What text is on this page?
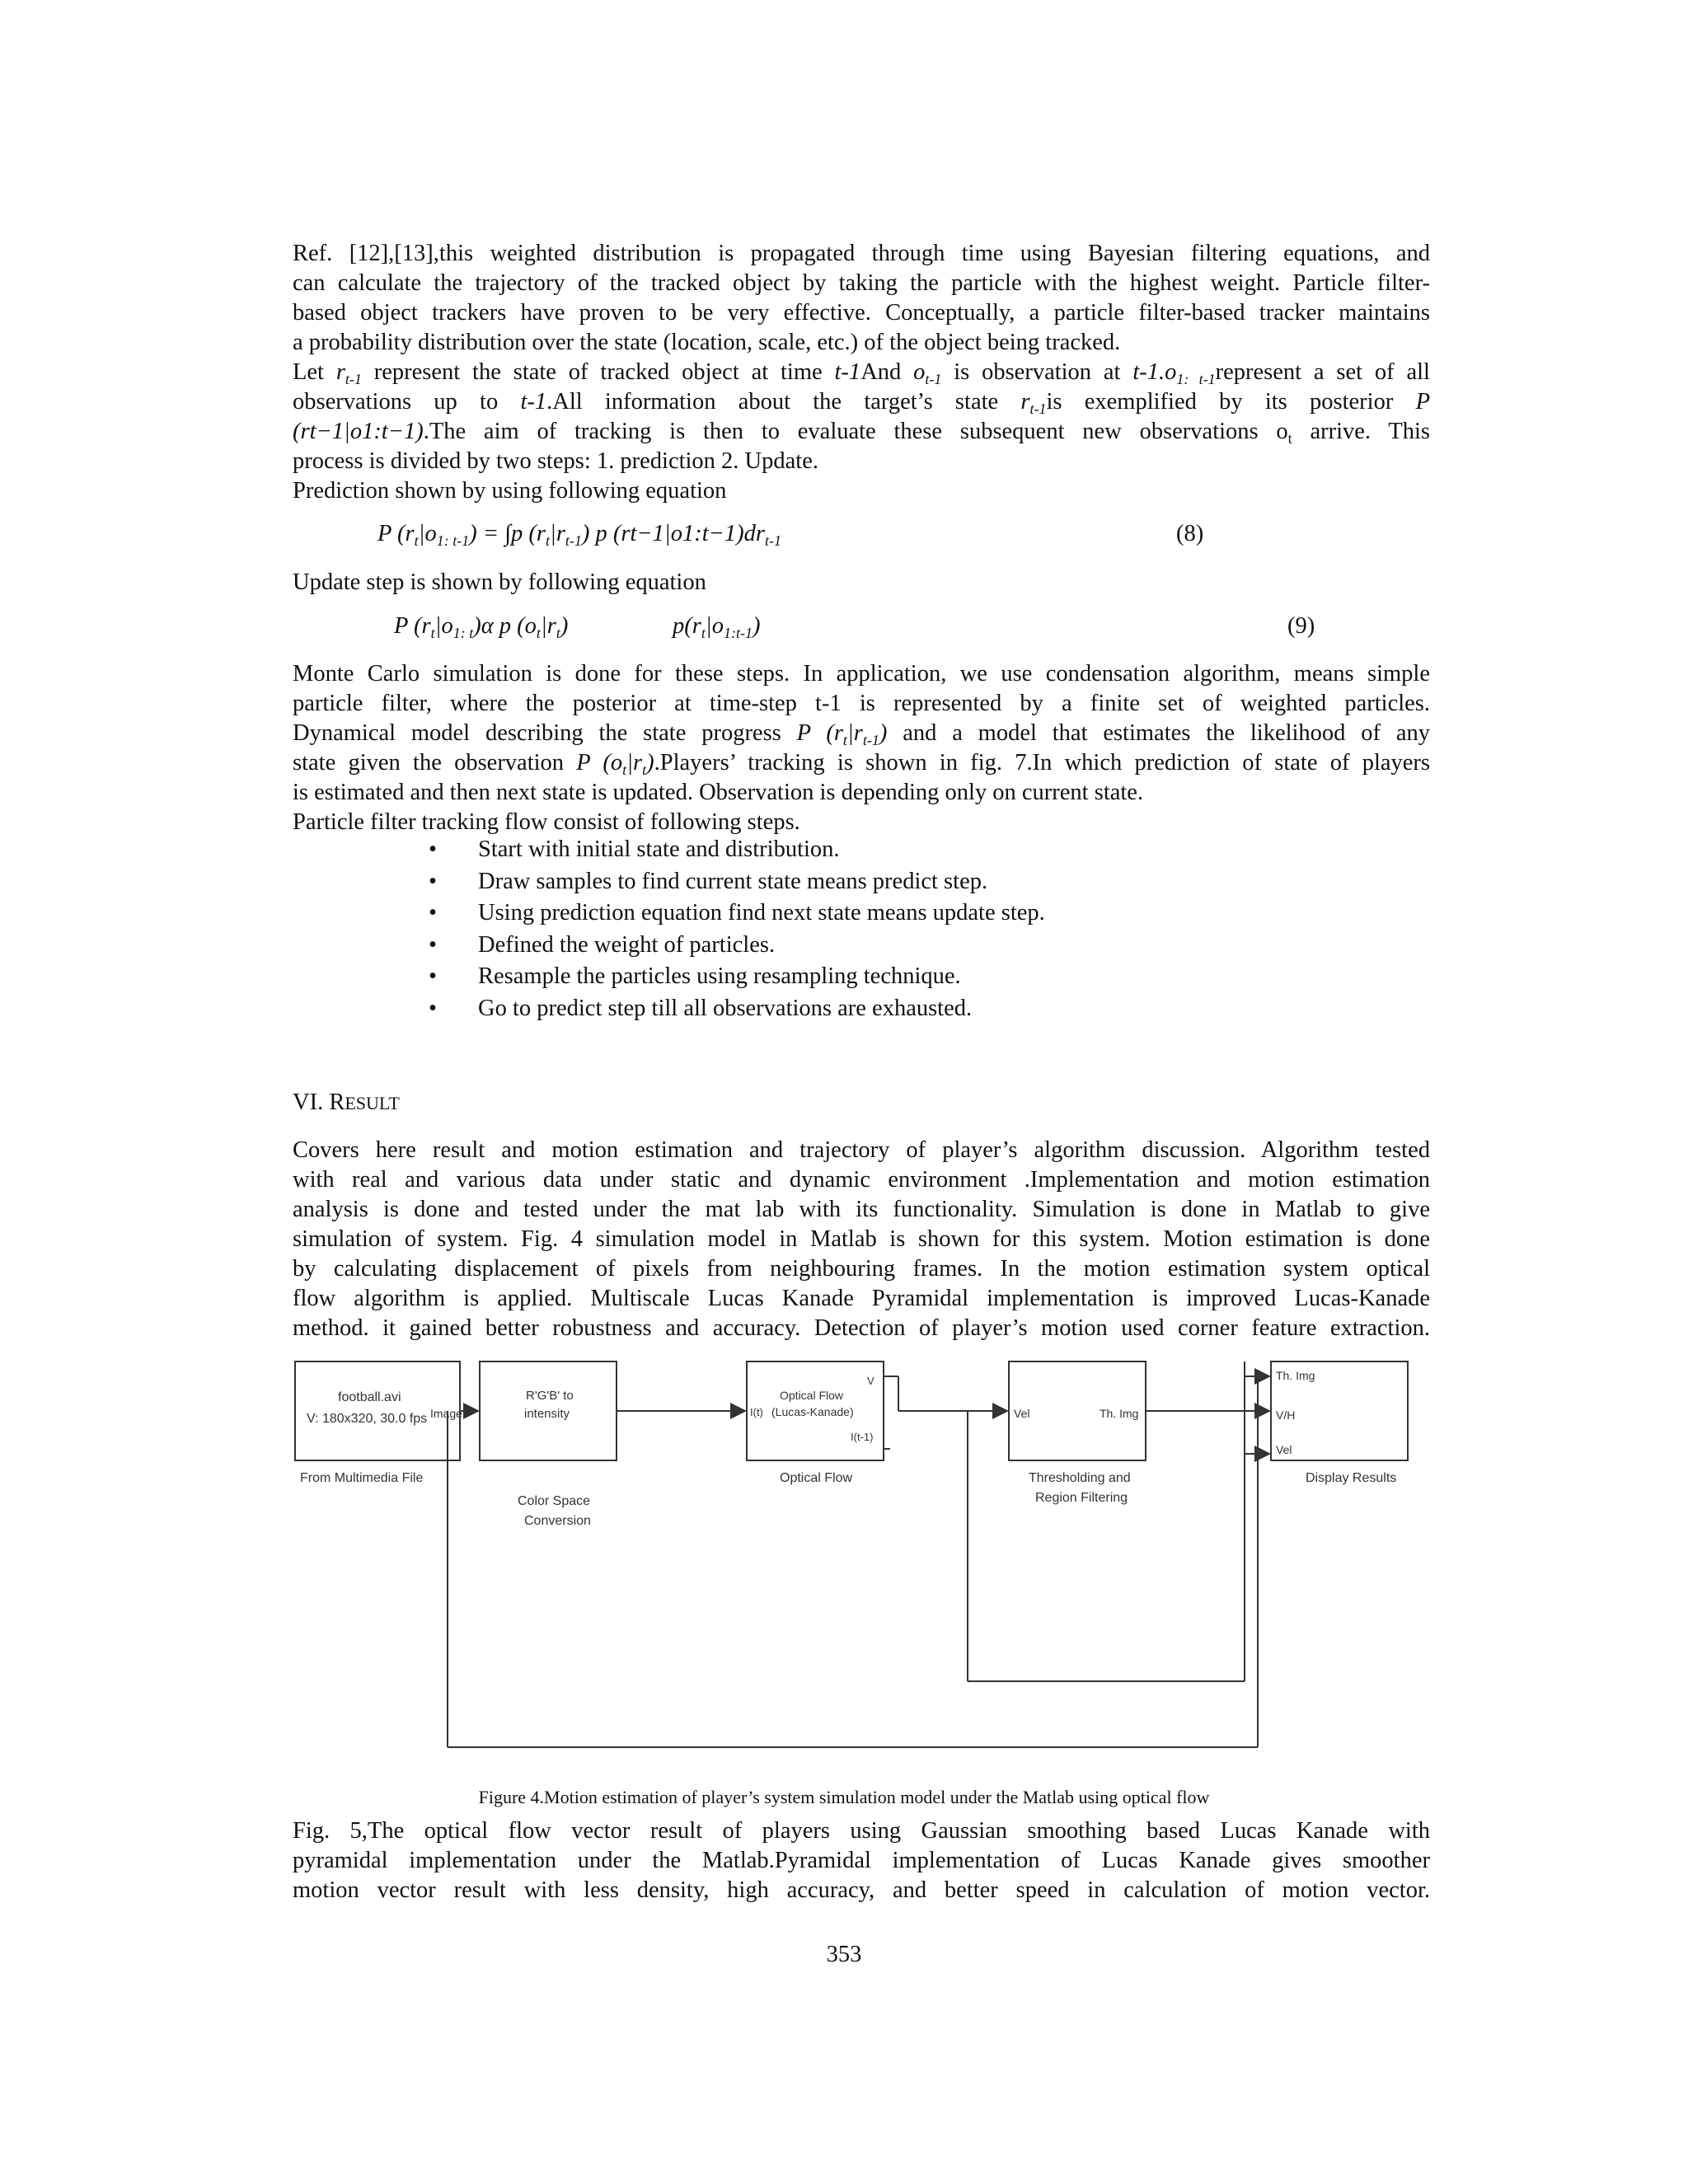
Ref. [12],[13],this weighted distribution is propagated through time using Bayesian filtering equations, and
can calculate the trajectory of the tracked object by taking the particle with the highest weight. Particle filter-
based object trackers have proven to be very effective. Conceptually, a particle filter-based tracker maintains
a probability distribution over the state (location, scale, etc.) of the object being tracked.
Let $r_{t-1}$ represent the state of tracked object at time t-1And $o_{t-1}$ is observation at $t-1.o_{1: t-1}represent$ a set of all
observations up to t-1.All information about the target’s state $r_{t-1}is$ exemplified by its posterior P
(rt−1|o1:t−1).The aim of tracking is then to evaluate these subsequent new observations $o_t$ arrive. This
process is divided by two steps: 1. prediction 2. Update.
Prediction shown by using following equation
P $(r_t|o_{1: t-1}) = \int p$ $(r_t|r_{t-1})$ p $(rt-1|o1:t-1)dr_{t-1}$	(8)
Update step is shown by following equation
P $(r_t|o_{1: t})\alpha$ p $(o_t|r_t)$	$p(r_t|o_{1:t-1})$	(9)
Monte Carlo simulation is done for these steps. In application, we use condensation algorithm, means simple
particle filter, where the posterior at time-step t-1 is represented by a finite set of weighted particles.
Dynamical model describing the state progress P $(r_t|r_{t-1})$ and a model that estimates the likelihood of any
state given the observation P $(o_t|r_t).Players$’ tracking is shown in fig. 7.In which prediction of state of players
is estimated and then next state is updated. Observation is depending only on current state.
Particle filter tracking flow consist of following steps.
• Start with initial state and distribution.
• Draw samples to find current state means predict step.
• Using prediction equation find next state means update step.
• Defined the weight of particles.
• Resample the particles using resampling technique.
• Go to predict step till all observations are exhausted.
VI. RESULT
Covers here result and motion estimation and trajectory of player’s algorithm discussion. Algorithm tested
with real and various data under static and dynamic environment .Implementation and motion estimation
analysis is done and tested under the mat lab with its functionality. Simulation is done in Matlab to give
simulation of system. Fig. 4 simulation model in Matlab is shown for this system. Motion estimation is done
by calculating displacement of pixels from neighbouring frames. In the motion estimation system optical
flow algorithm is applied. Multiscale Lucas Kanade Pyramidal implementation is improved Lucas-Kanade
method. it gained better robustness and accuracy. Detection of player’s motion used corner feature extraction.
football.avi
V: 180x320, 30.0 fps Image
From Multimedia File
R'G'B' to
intensity
Color Space
Conversion
Optical Flow
(Lucas-Kanade)
I(t)
V
I(t-1)
Optical Flow
Vel	Th. Img
Thresholding and
Region Filtering
Th. Img
V/H
Vel
Display Results
Figure 4.Motion estimation of player’s system simulation model under the Matlab using optical flow
Fig. 5,The optical flow vector result of players using Gaussian smoothing based Lucas Kanade with
pyramidal implementation under the Matlab.Pyramidal implementation of Lucas Kanade gives smoother
motion vector result with less density, high accuracy, and better speed in calculation of motion vector.
353
